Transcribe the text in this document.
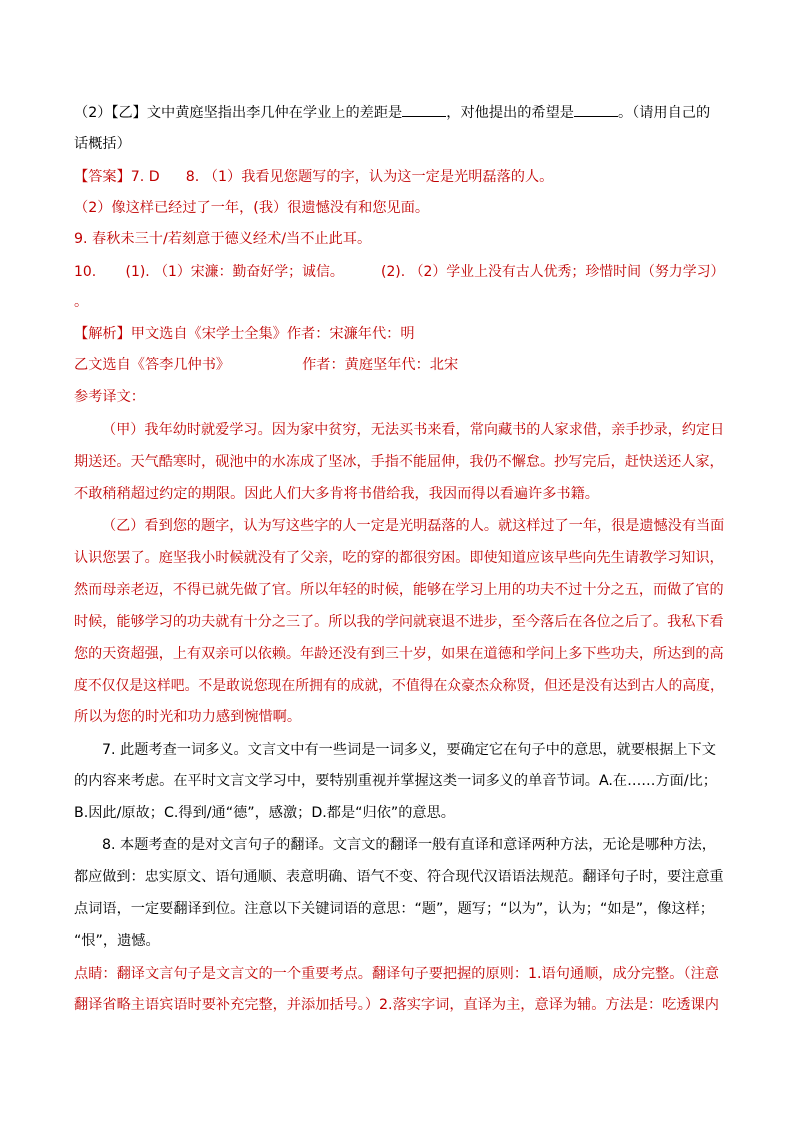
（2）【乙】文中黄庭坚指出李几仲在学业上的差距是	，对他提出的希望是	。（请用自己的
话概括）
【答案】7. D 8. （1）我看见您题写的字，认为这一定是光明磊落的人。
（2）像这样已经过了一年，(我）很遗憾没有和您见面。
9. 春秋未三十/若刻意于德义经术/当不止此耳。
10. (1). （1）宋濂：勤奋好学；诚信。	(2). （2）学业上没有古人优秀；珍惜时间（努力学习）
。
【解析】甲文选自《宋学士全集》作者：宋濂年代：明
乙文选自《答李几仲书》	作者：黄庭坚年代：北宋
参考译文：
（甲）我年幼时就爱学习。因为家中贫穷，无法买书来看，常向藏书的人家求借，亲手抄录，约定日
期送还。天气酷寒时，砚池中的水冻成了坚冰，手指不能屈伸，我仍不懈怠。抄写完后，赶快送还人家，
不敢稍稍超过约定的期限。因此人们大多肯将书借给我，我因而得以看遍许多书籍。
（乙）看到您的题字，认为写这些字的人一定是光明磊落的人。就这样过了一年，很是遗憾没有当面
认识您罢了。庭坚我小时候就没有了父亲，吃的穿的都很穷困。即使知道应该早些向先生请教学习知识，
然而母亲老迈，不得已就先做了官。所以年轻的时候，能够在学习上用的功夫不过十分之五，而做了官的
时候，能够学习的功夫就有十分之三了。所以我的学问就衰退不进步，至今落后在各位之后了。我私下看
您的天资超强，上有双亲可以依赖。年龄还没有到三十岁，如果在道德和学问上多下些功夫，所达到的高
度不仅仅是这样吧。不是敢说您现在所拥有的成就，不值得在众豪杰众称贤，但还是没有达到古人的高度，
所以为您的时光和功力感到惋惜啊。
7. 此题考查一词多义。文言文中有一些词是一词多义，要确定它在句子中的意思，就要根据上下文
的内容来考虑。在平时文言文学习中，要特别重视并掌握这类一词多义的单音节词。A.在……方面/比；
B.因此/原故；C.得到/通“德”，感激；D.都是“归依”的意思。
8. 本题考查的是对文言句子的翻译。文言文的翻译一般有直译和意译两种方法，无论是哪种方法，
都应做到：忠实原文、语句通顺、表意明确、语气不变、符合现代汉语语法规范。翻译句子时，要注意重
点词语，一定要翻译到位。注意以下关键词语的意思：“题”，题写；“以为”，认为；“如是”，像这样；
“恨”，遗憾。
点睛：翻译文言句子是文言文的一个重要考点。翻译句子要把握的原则：1.语句通顺，成分完整。（注意
翻译省略主语宾语时要补充完整，并添加括号。）2.落实字词，直译为主，意译为辅。方法是：吃透课内
